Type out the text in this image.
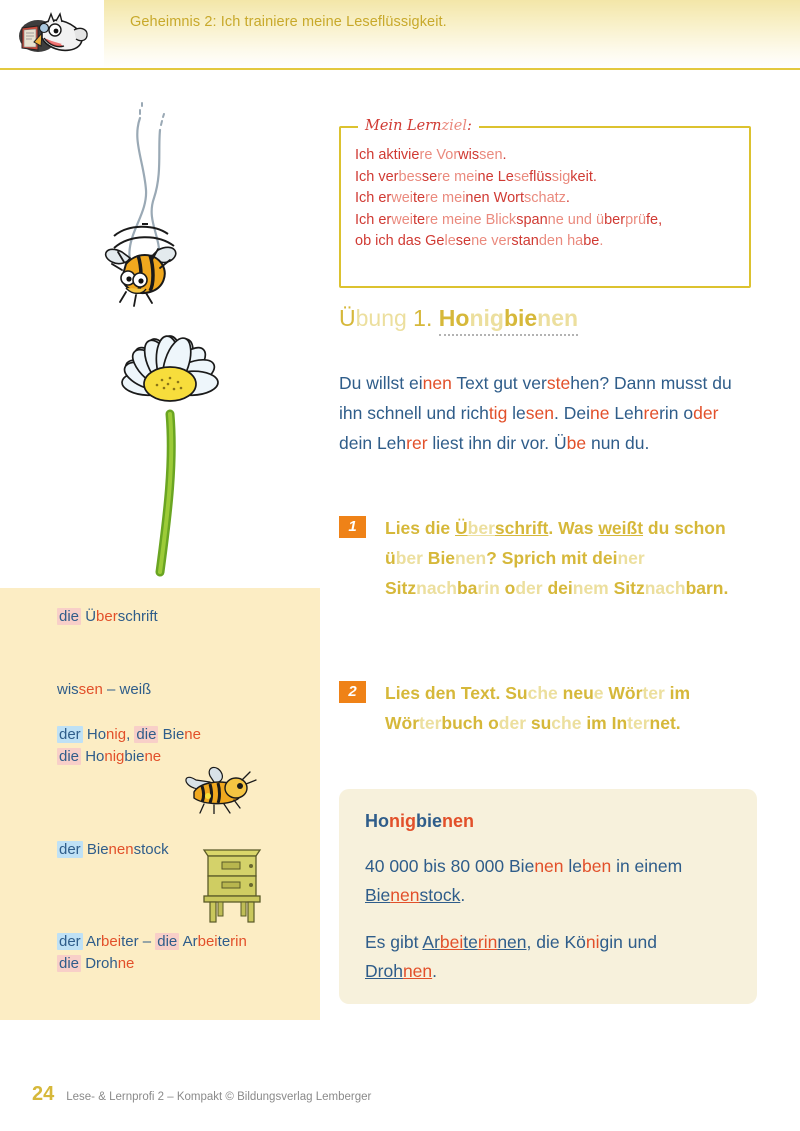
Geheimnis 2: Ich trainiere meine Leseflüssigkeit.
Mein Lernziel:
Ich aktiviere Vorwissen.
Ich verbessere meine Leseflüssigkeit.
Ich erweitere meinen Wortschatz.
Ich erweitere meine Blickspanne und überprüfe,
ob ich das Gelesene verstanden habe.
Übung 1. Honigbienen
Du willst einen Text gut verstehen? Dann musst du ihn schnell und richtig lesen. Deine Lehrerin oder dein Lehrer liest ihn dir vor. Übe nun du.
1	Lies die Überschrift. Was weißt du schon über Bienen? Sprich mit deiner Sitznachbarin oder deinem Sitznachbarn.
2	Lies den Text. Suche neue Wörter im Wörterbuch oder suche im Internet.
Honigbienen

40 000 bis 80 000 Bienen leben in einem Bienenstock.

Es gibt Arbeiterinnen, die Königin und Drohnen.

die Überschrift
wissen – weiß
der Honig, die Biene
die Honigbiene
der Bienenstock
der Arbeiter – die Arbeiterin
die Drohne
24 Lese- & Lernprofi 2 – Kompakt © Bildungsverlag Lemberger
